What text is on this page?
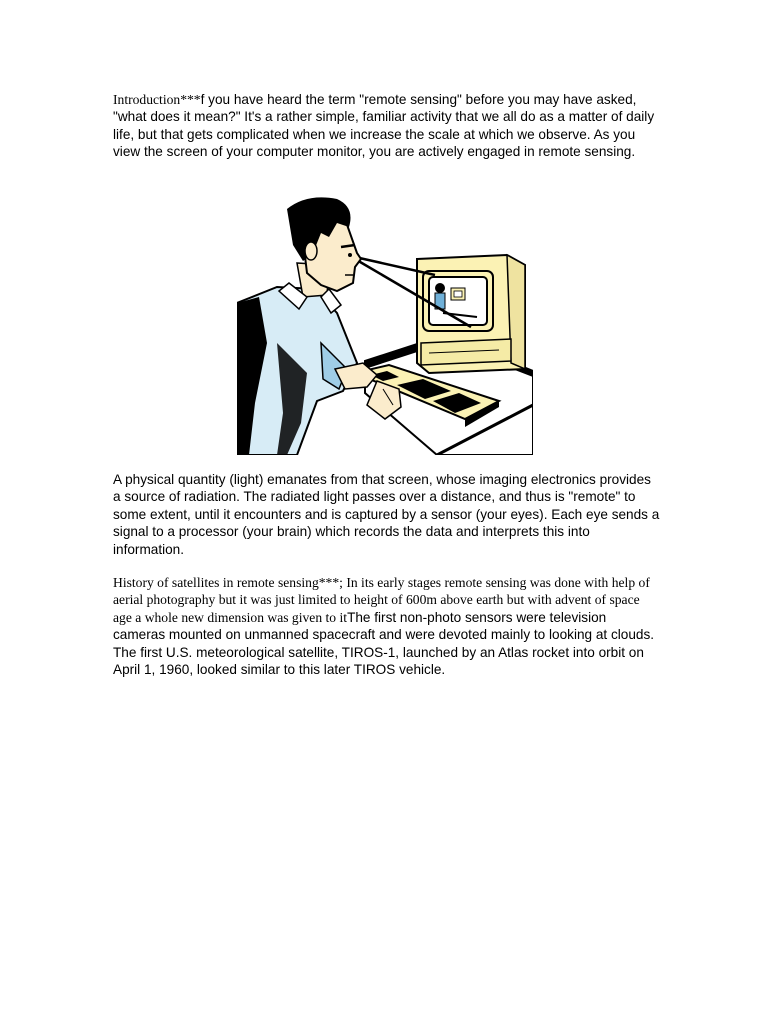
Introduction***f you have heard the term "remote sensing" before you may have asked, "what does it mean?" It's a rather simple, familiar activity that we all do as a matter of daily life, but that gets complicated when we increase the scale at which we observe. As you view the screen of your computer monitor, you are actively engaged in remote sensing.

A physical quantity (light) emanates from that screen, whose imaging electronics provides a source of radiation. The radiated light passes over a distance, and thus is "remote" to some extent, until it encounters and is captured by a sensor (your eyes). Each eye sends a signal to a processor (your brain) which records the data and interprets this into information.

History of satellites in remote sensing***; In its early stages remote sensing was done with help of aerial photography but it was just limited to height of 600m above earth but with advent of space age a whole new dimension was given to itThe first non-photo sensors were television cameras mounted on unmanned spacecraft and were devoted mainly to looking at clouds. The first U.S. meteorological satellite, TIROS-1, launched by an Atlas rocket into orbit on April 1, 1960, looked similar to this later TIROS vehicle.
